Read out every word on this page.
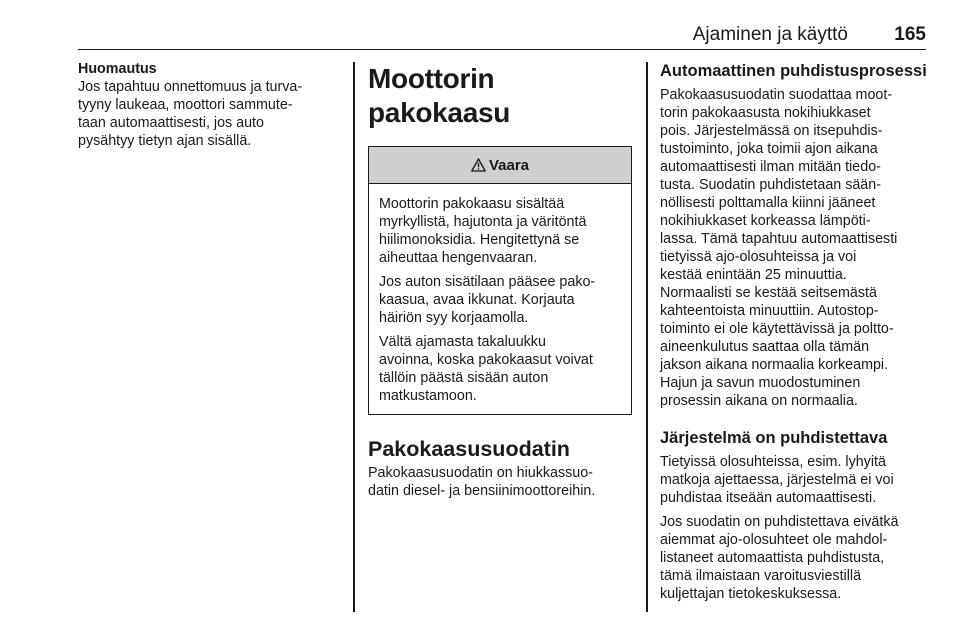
Ajaminen ja käyttö 165
Huomautus
Jos tapahtuu onnettomuus ja turva-
tyyny laukeaa, moottori sammute-
taan automaattisesti, jos auto
pysähtyy tietyn ajan sisällä.
Moottorin pakokaasu
Vaara
Moottorin pakokaasu sisältää
myrkyllistä, hajutonta ja väritöntä
hiilimonoksidia. Hengitettynä se
aiheuttaa hengenvaaran.
Jos auton sisätilaan pääsee pako-
kaasua, avaa ikkunat. Korjauta
häiriön syy korjaamolla.
Vältä ajamasta takaluukku
avoinna, koska pakokaasut voivat
tällöin päästä sisään auton
matkustamoon.
Pakokaasusuodatin
Pakokaasusuodatin on hiukkassuo-
datin diesel- ja bensiinimoottoreihin.
Automaattinen puhdistusprosessi
Pakokaasusuodatin suodattaa moot-
torin pakokaasusta nokihiukkaset
pois. Järjestelmässä on itsepuhdis-
tustoiminto, joka toimii ajon aikana
automaattisesti ilman mitään tiedo-
tusta. Suodatin puhdistetaan sään-
nöllisesti polttamalla kiinni jääneet
nokihiukkaset korkeassa lämpöti-
lassa. Tämä tapahtuu automaattisesti
tietyissä ajo-olosuhteissa ja voi
kestää enintään 25 minuuttia.
Normaalisti se kestää seitsemästä
kahteentoista minuuttiin. Autostop-
toiminto ei ole käytettävissä ja poltto-
aineenkulutus saattaa olla tämän
jakson aikana normaalia korkeampi.
Hajun ja savun muodostuminen
prosessin aikana on normaalia.
Järjestelmä on puhdistettava
Tietyissä olosuhteissa, esim. lyhyitä
matkoja ajettaessa, järjestelmä ei voi
puhdistaa itseään automaattisesti.
Jos suodatin on puhdistettava eivätkä
aiemmat ajo-olosuhteet ole mahdol-
listaneet automaattista puhdistusta,
tämä ilmaistaan varoitusviestillä
kuljettajan tietokeskuksessa.
